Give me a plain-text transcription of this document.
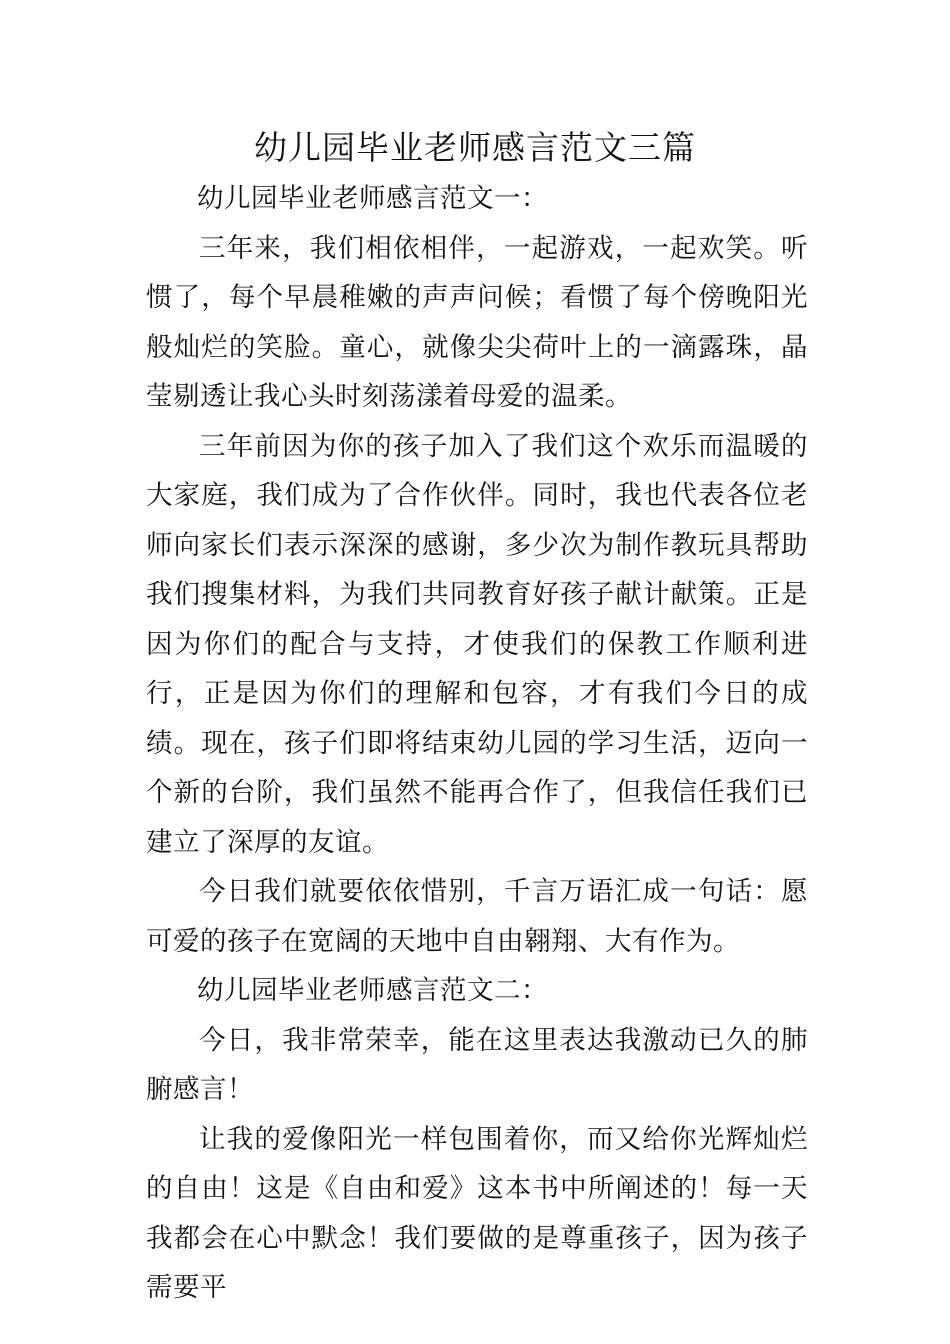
幼儿园毕业老师感言范文三篇

幼儿园毕业老师感言范文一：

三年来，我们相依相伴，一起游戏，一起欢笑。听惯了，每个早晨稚嫩的声声问候；看惯了每个傍晚阳光般灿烂的笑脸。童心，就像尖尖荷叶上的一滴露珠，晶莹剔透让我心头时刻荡漾着母爱的温柔。

三年前因为你的孩子加入了我们这个欢乐而温暖的大家庭，我们成为了合作伙伴。同时，我也代表各位老师向家长们表示深深的感谢，多少次为制作教玩具帮助我们搜集材料，为我们共同教育好孩子献计献策。正是因为你们的配合与支持，才使我们的保教工作顺利进行，正是因为你们的理解和包容，才有我们今日的成绩。现在，孩子们即将结束幼儿园的学习生活，迈向一个新的台阶，我们虽然不能再合作了，但我信任我们已建立了深厚的友谊。

今日我们就要依依惜别，千言万语汇成一句话：愿可爱的孩子在宽阔的天地中自由翱翔、大有作为。

幼儿园毕业老师感言范文二：

今日，我非常荣幸，能在这里表达我激动已久的肺腑感言！

让我的爱像阳光一样包围着你，而又给你光辉灿烂的自由！这是《自由和爱》这本书中所阐述的！每一天我都会在心中默念！我们要做的是尊重孩子，因为孩子需要平
